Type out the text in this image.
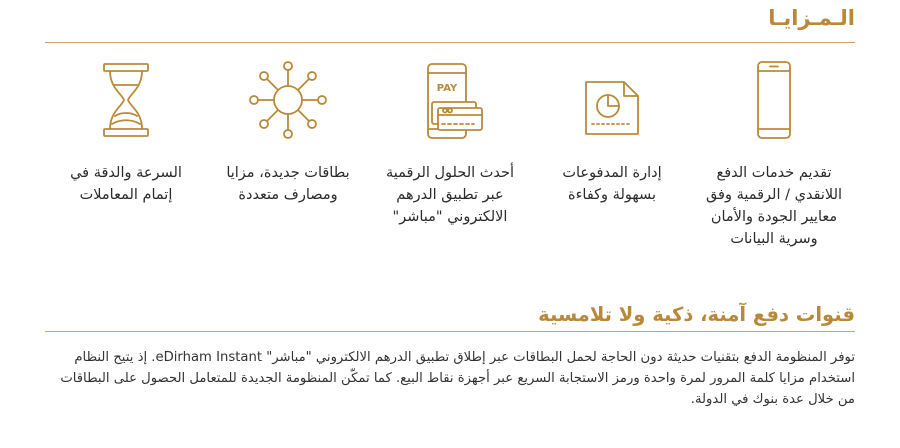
الـمـزايـا
تقديم خدمات الدفع اللانقدي / الرقمية وفق معايير الجودة والأمان وسرية البيانات
إدارة المدفوعات بسهولة وكفاءة
PAY
أحدث الحلول الرقمية عبر تطبيق الدرهم الالكتروني "مباشر"
بطاقات جديدة، مزايا ومصارف متعددة
السرعة والدقة في إتمام المعاملات
قنوات دفع آمنة، ذكية ولا تلامسية

توفر المنظومة الدفع بتقنيات حديثة دون الحاجة لحمل البطاقات عبر إطلاق تطبيق الدرهم الالكتروني "مباشر" eDirham Instant. إذ يتيح النظام استخدام مزايا كلمة المرور لمرة واحدة ورمز الاستجابة السريع عبر أجهزة نقاط البيع. كما تمكّن المنظومة الجديدة للمتعامل الحصول على البطاقات من خلال عدة بنوك في الدولة.
